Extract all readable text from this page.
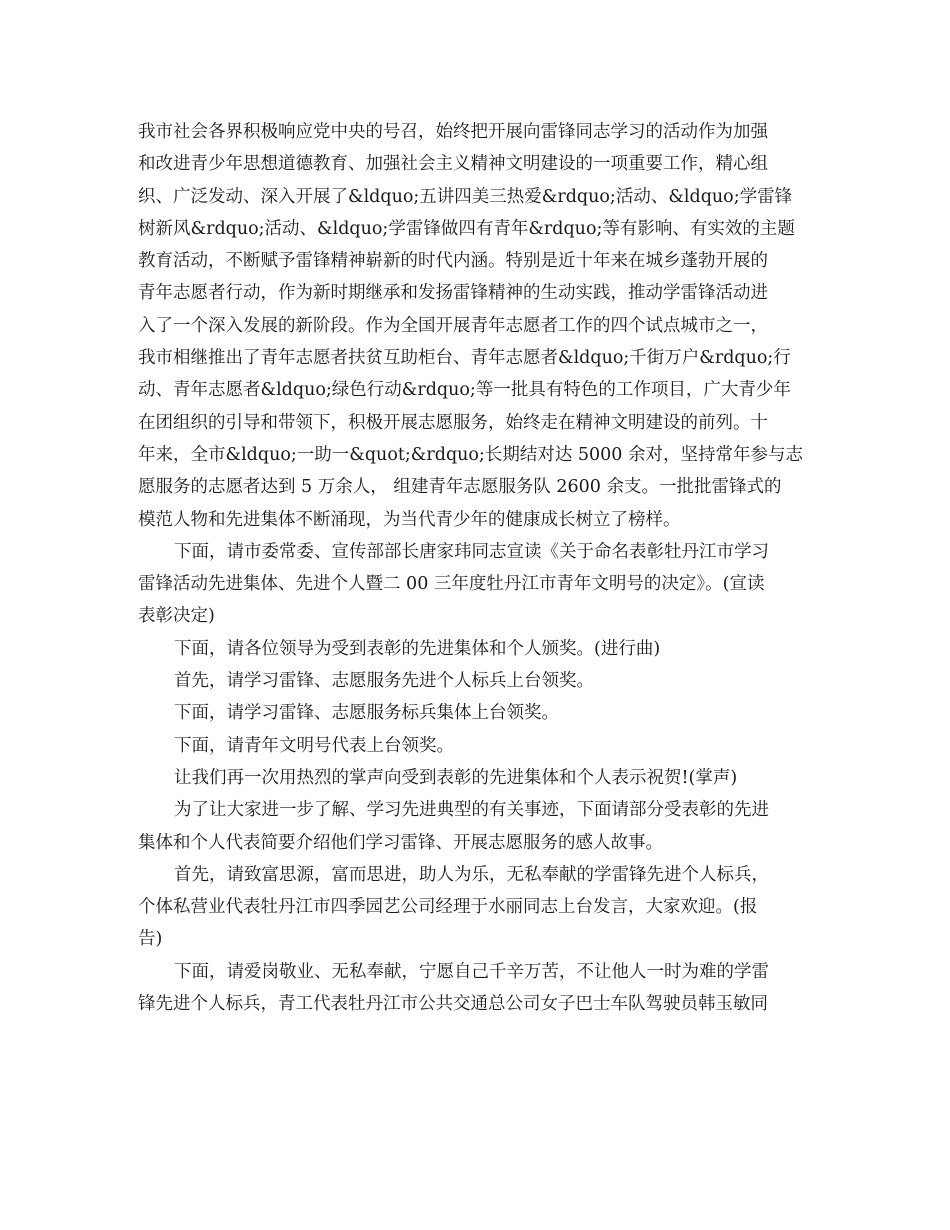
我市社会各界积极响应党中央的号召，始终把开展向雷锋同志学习的活动作为加强
和改进青少年思想道德教育、加强社会主义精神文明建设的一项重要工作，精心组
织、广泛发动、深入开展了&ldquo;五讲四美三热爱&rdquo;活动、&ldquo;学雷锋
树新风&rdquo;活动、&ldquo;学雷锋做四有青年&rdquo;等有影响、有实效的主题
教育活动，不断赋予雷锋精神崭新的时代内涵。特别是近十年来在城乡蓬勃开展的
青年志愿者行动，作为新时期继承和发扬雷锋精神的生动实践，推动学雷锋活动进
入了一个深入发展的新阶段。作为全国开展青年志愿者工作的四个试点城市之一，
我市相继推出了青年志愿者扶贫互助柜台、青年志愿者&ldquo;千街万户&rdquo;行
动、青年志愿者&ldquo;绿色行动&rdquo;等一批具有特色的工作项目，广大青少年
在团组织的引导和带领下，积极开展志愿服务，始终走在精神文明建设的前列。十
年来，全市&ldquo;一助一&quot;&rdquo;长期结对达 5000 余对，坚持常年参与志
愿服务的志愿者达到 5 万余人， 组建青年志愿服务队 2600 余支。一批批雷锋式的
模范人物和先进集体不断涌现，为当代青少年的健康成长树立了榜样。
下面，请市委常委、宣传部部长唐家玮同志宣读《关于命名表彰牡丹江市学习
雷锋活动先进集体、先进个人暨二 00 三年度牡丹江市青年文明号的决定》。(宣读
表彰决定)
下面，请各位领导为受到表彰的先进集体和个人颁奖。(进行曲)
首先，请学习雷锋、志愿服务先进个人标兵上台领奖。
下面，请学习雷锋、志愿服务标兵集体上台领奖。
下面，请青年文明号代表上台领奖。
让我们再一次用热烈的掌声向受到表彰的先进集体和个人表示祝贺!(掌声)
为了让大家进一步了解、学习先进典型的有关事迹，下面请部分受表彰的先进
集体和个人代表简要介绍他们学习雷锋、开展志愿服务的感人故事。
首先，请致富思源，富而思进，助人为乐，无私奉献的学雷锋先进个人标兵，
个体私营业代表牡丹江市四季园艺公司经理于水丽同志上台发言，大家欢迎。(报
告)
下面，请爱岗敬业、无私奉献，宁愿自己千辛万苦，不让他人一时为难的学雷
锋先进个人标兵，青工代表牡丹江市公共交通总公司女子巴士车队驾驶员韩玉敏同
